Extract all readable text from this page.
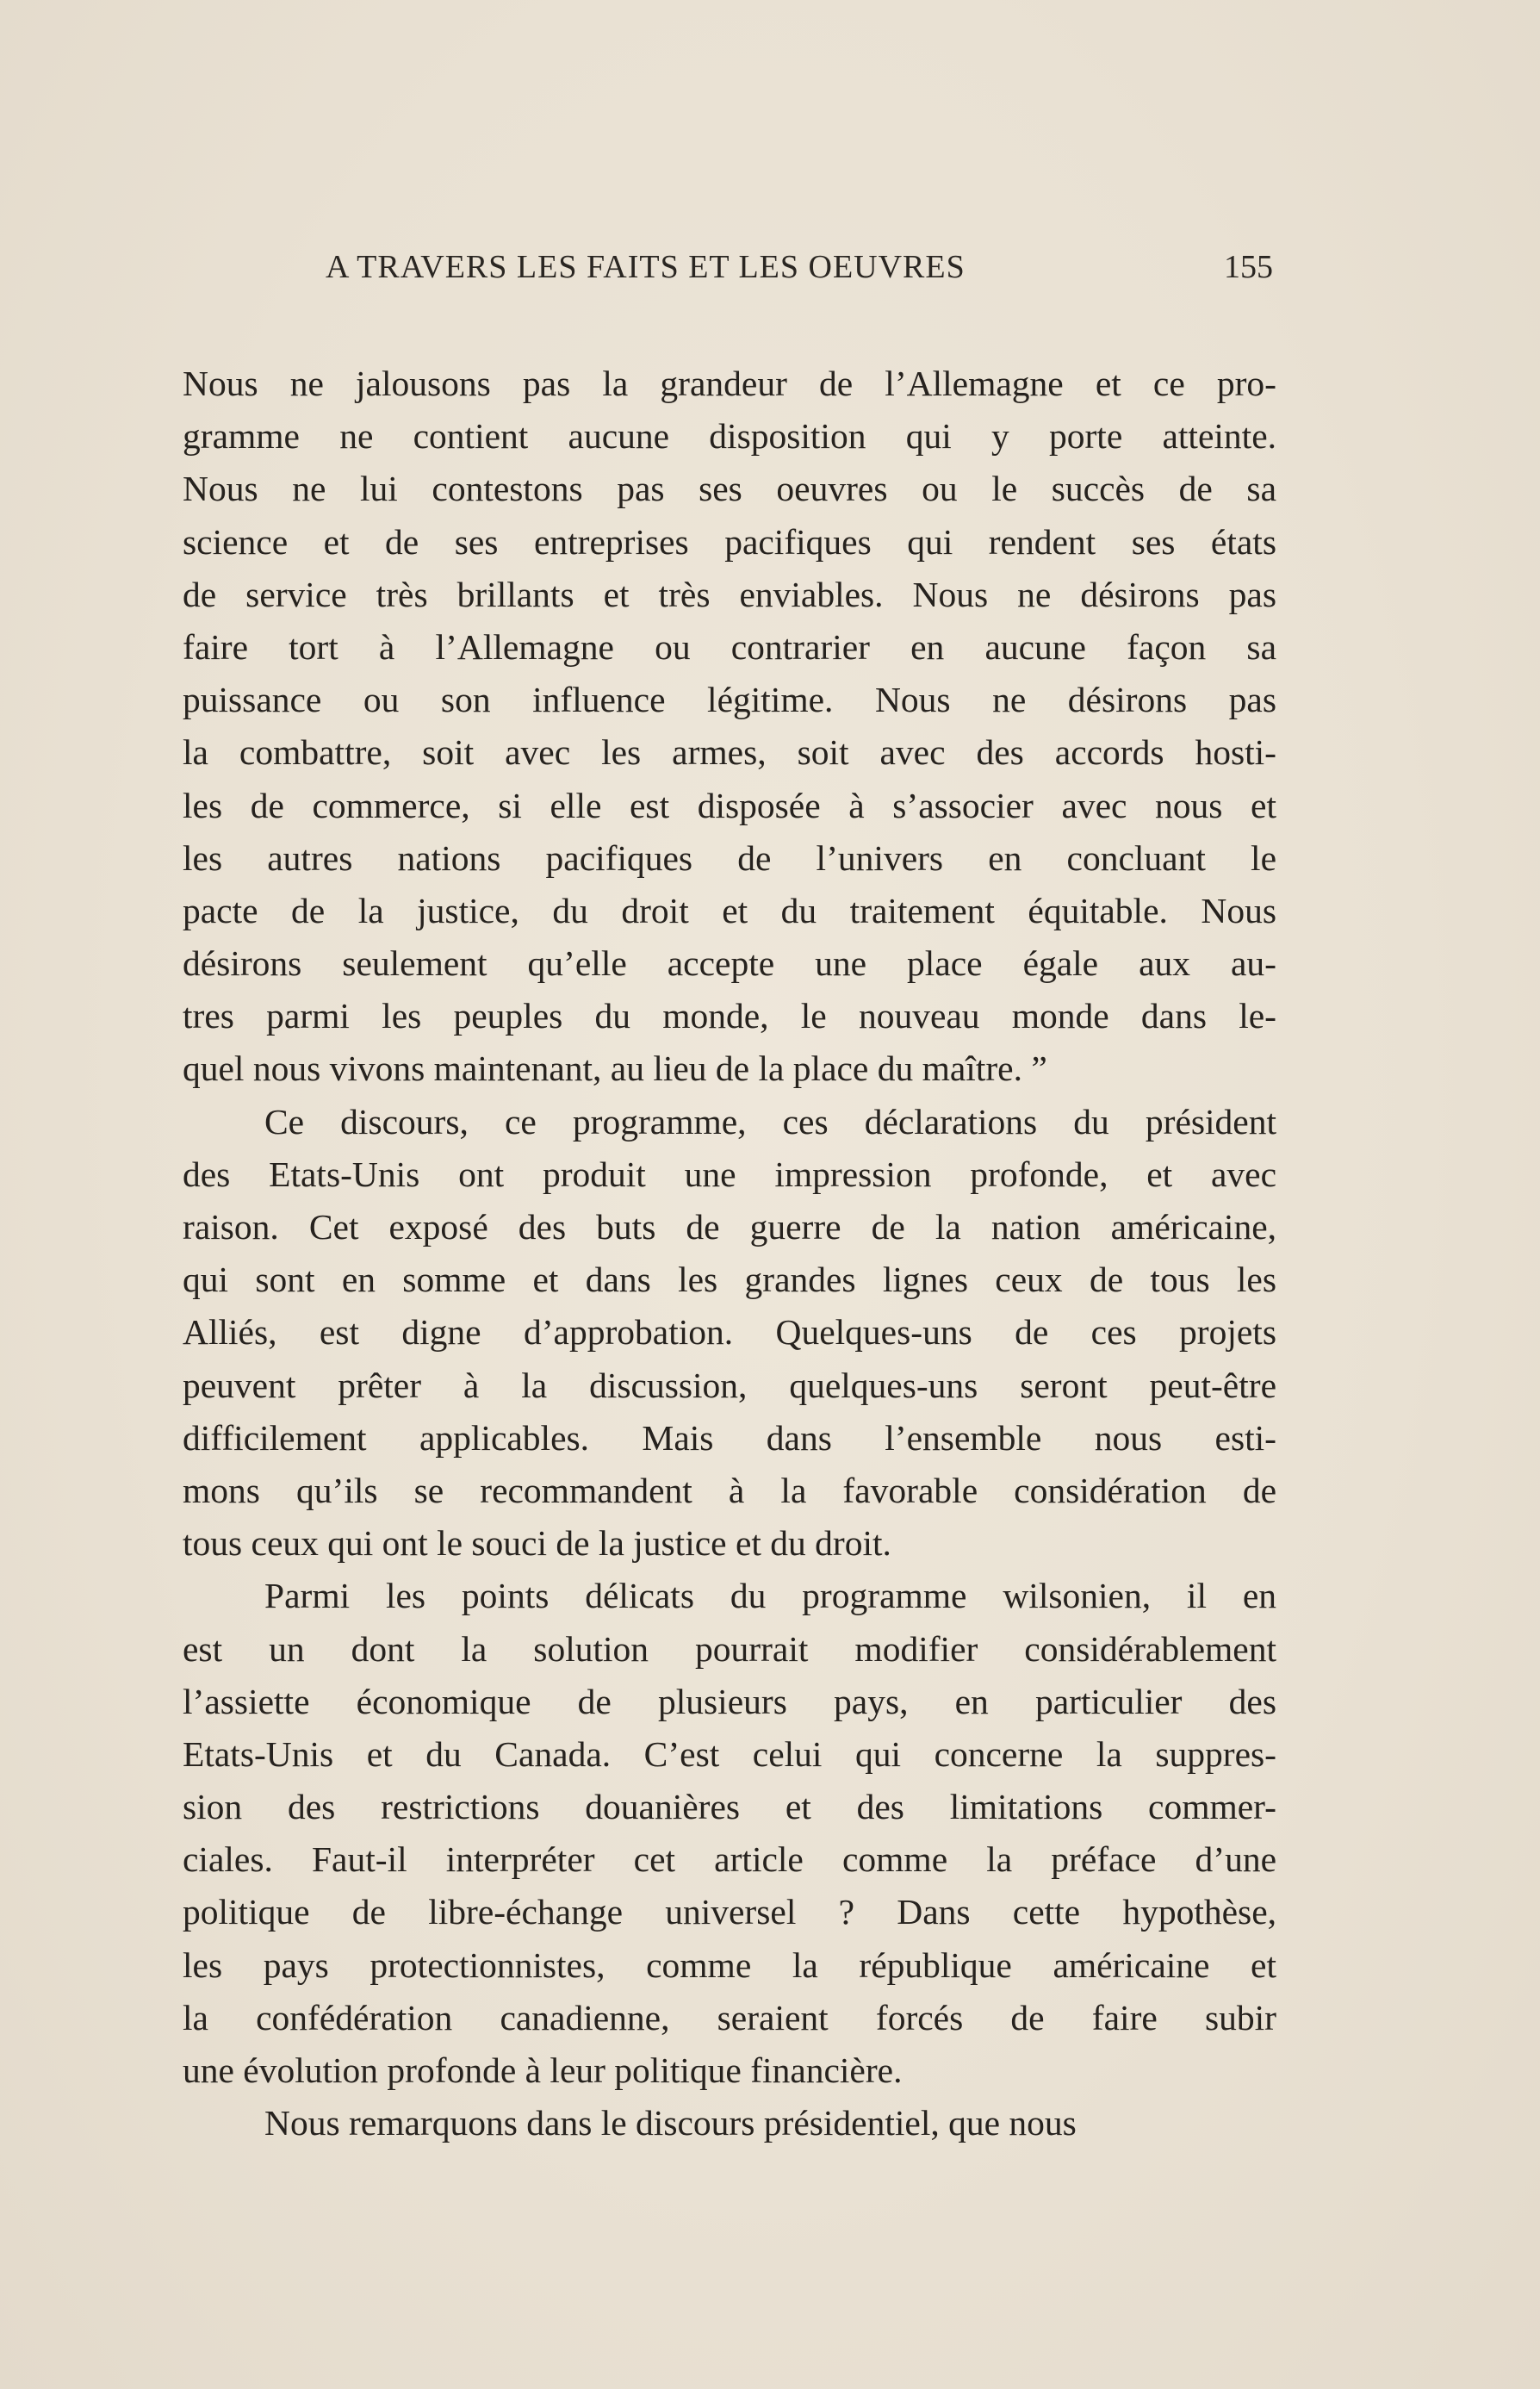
A TRAVERS LES FAITS ET LES OEUVRES	155
Nous ne jalousons pas la grandeur de l’Allemagne et ce pro-
gramme ne contient aucune disposition qui y porte atteinte.
Nous ne lui contestons pas ses oeuvres ou le succès de sa
science et de ses entreprises pacifiques qui rendent ses états
de service très brillants et très enviables. Nous ne désirons pas
faire tort à l’Allemagne ou contrarier en aucune façon sa
puissance ou son influence légitime. Nous ne désirons pas
la combattre, soit avec les armes, soit avec des accords hosti-
les de commerce, si elle est disposée à s’associer avec nous et
les autres nations pacifiques de l’univers en concluant le
pacte de la justice, du droit et du traitement équitable. Nous
désirons seulement qu’elle accepte une place égale aux au-
tres parmi les peuples du monde, le nouveau monde dans le-
quel nous vivons maintenant, au lieu de la place du maître. ”
Ce discours, ce programme, ces déclarations du président
des Etats-Unis ont produit une impression profonde, et avec
raison. Cet exposé des buts de guerre de la nation américaine,
qui sont en somme et dans les grandes lignes ceux de tous les
Alliés, est digne d’approbation. Quelques-uns de ces projets
peuvent prêter à la discussion, quelques-uns seront peut-être
difficilement applicables. Mais dans l’ensemble nous esti-
mons qu’ils se recommandent à la favorable considération de
tous ceux qui ont le souci de la justice et du droit.
Parmi les points délicats du programme wilsonien, il en
est un dont la solution pourrait modifier considérablement
l’assiette économique de plusieurs pays, en particulier des
Etats-Unis et du Canada. C’est celui qui concerne la suppres-
sion des restrictions douanières et des limitations commer-
ciales. Faut-il interpréter cet article comme la préface d’une
politique de libre-échange universel ? Dans cette hypothèse,
les pays protectionnistes, comme la république américaine et
la confédération canadienne, seraient forcés de faire subir
une évolution profonde à leur politique financière.
Nous remarquons dans le discours présidentiel, que nous
